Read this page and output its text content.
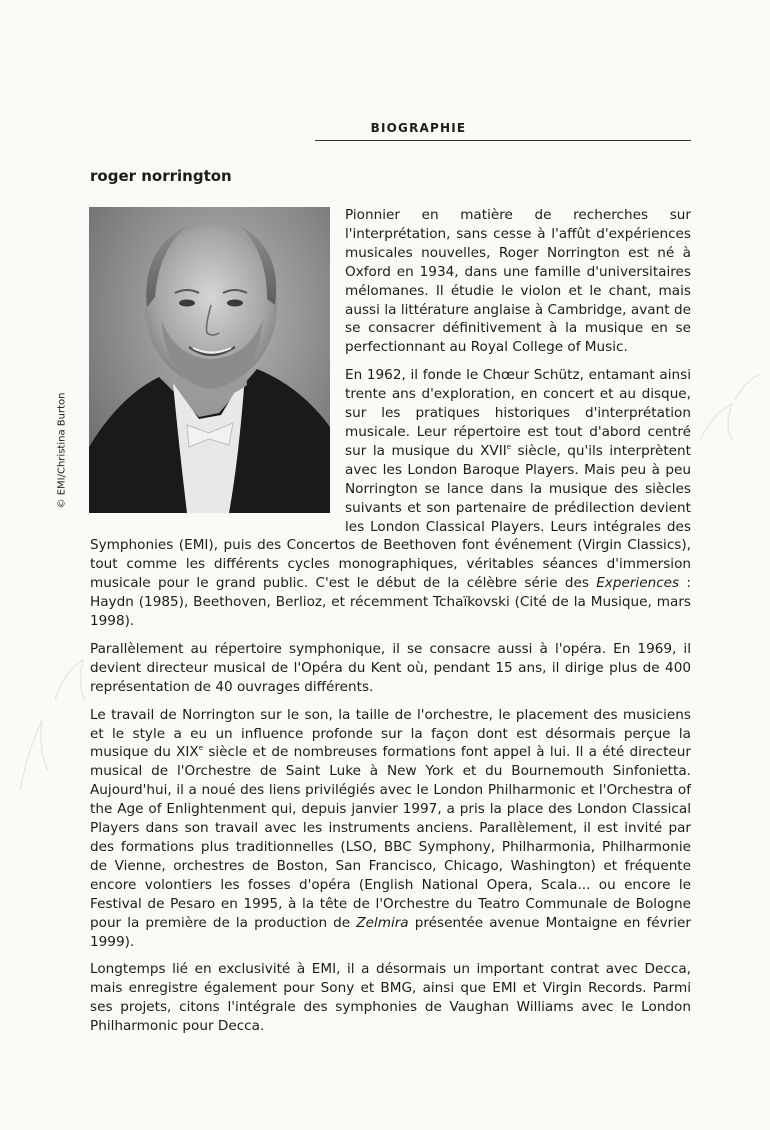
BIOGRAPHIE
roger norrington
© EMI/Christina Burton

Pionnier en matière de recherches sur l'interprétation, sans cesse à l'affût d'expériences musicales nouvelles, Roger Norrington est né à Oxford en 1934, dans une famille d'universitaires mélomanes. Il étudie le violon et le chant, mais aussi la littérature anglaise à Cambridge, avant de se consacrer définitivement à la musique en se perfectionnant au Royal College of Music.

En 1962, il fonde le Chœur Schütz, entamant ainsi trente ans d'exploration, en concert et au disque, sur les pratiques historiques d'interprétation musicale. Leur répertoire est tout d'abord centré sur la musique du XVIIe siècle, qu'ils interprètent avec les London Baroque Players. Mais peu à peu Norrington se lance dans la musique des siècles suivants et son partenaire de prédilection devient les London Classical Players. Leurs intégrales des Symphonies (EMI), puis des Concertos de Beethoven font événement (Virgin Classics), tout comme les différents cycles monographiques, véritables séances d'immersion musicale pour le grand public. C'est le début de la célèbre série des Experiences : Haydn (1985), Beethoven, Berlioz, et récemment Tchaïkovski (Cité de la Musique, mars 1998).

Parallèlement au répertoire symphonique, il se consacre aussi à l'opéra. En 1969, il devient directeur musical de l'Opéra du Kent où, pendant 15 ans, il dirige plus de 400 représentation de 40 ouvrages différents.

Le travail de Norrington sur le son, la taille de l'orchestre, le placement des musiciens et le style a eu un influence profonde sur la façon dont est désormais perçue la musique du XIXe siècle et de nombreuses formations font appel à lui. Il a été directeur musical de l'Orchestre de Saint Luke à New York et du Bournemouth Sinfonietta. Aujourd'hui, il a noué des liens privilégiés avec le London Philharmonic et l'Orchestra of the Age of Enlightenment qui, depuis janvier 1997, a pris la place des London Classical Players dans son travail avec les instruments anciens. Parallèlement, il est invité par des formations plus traditionnelles (LSO, BBC Symphony, Philharmonia, Philharmonie de Vienne, orchestres de Boston, San Francisco, Chicago, Washington) et fréquente encore volontiers les fosses d'opéra (English National Opera, Scala... ou encore le Festival de Pesaro en 1995, à la tête de l'Orchestre du Teatro Communale de Bologne pour la première de la production de Zelmira présentée avenue Montaigne en février 1999).

Longtemps lié en exclusivité à EMI, il a désormais un important contrat avec Decca, mais enregistre également pour Sony et BMG, ainsi que EMI et Virgin Records. Parmi ses projets, citons l'intégrale des symphonies de Vaughan Williams avec le London Philharmonic pour Decca.
